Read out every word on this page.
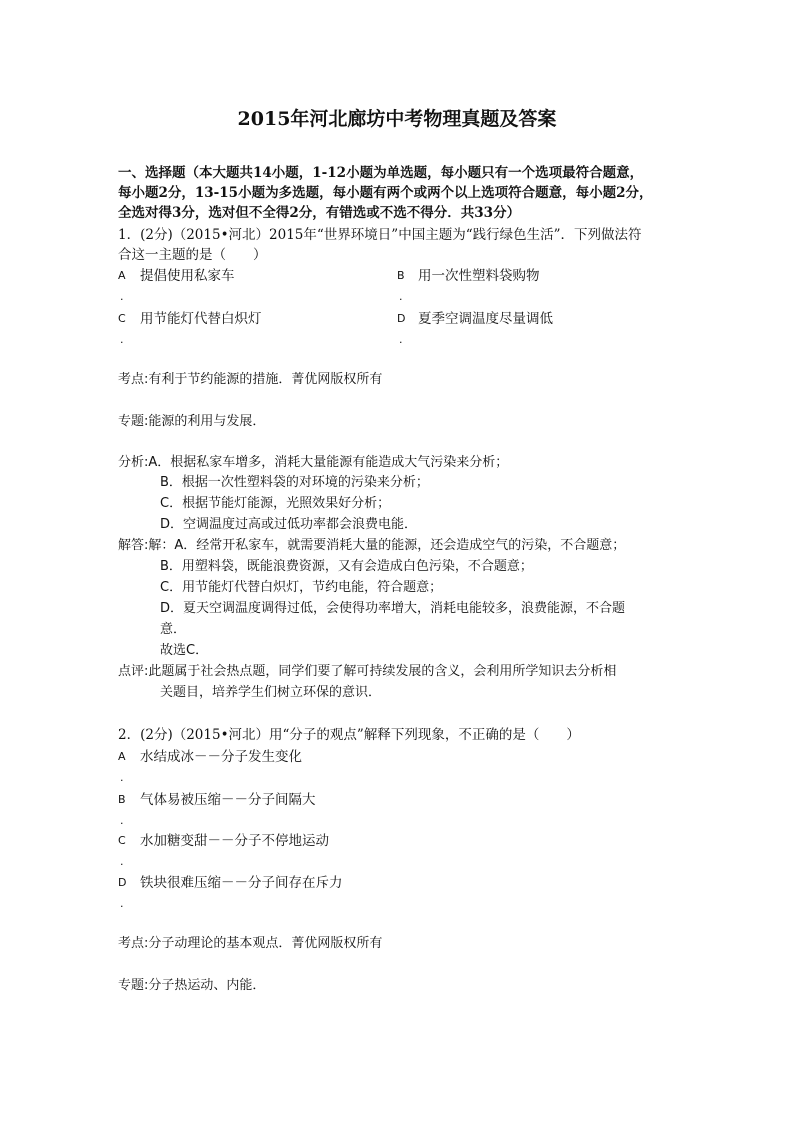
2015年河北廊坊中考物理真题及答案
一、选择题（本大题共14小题，1-12小题为单选题，每小题只有一个选项最符合题意，
每小题2分，13-15小题为多选题，每小题有两个或两个以上选项符合题意，每小题2分，
全选对得3分，选对但不全得2分，有错选或不选不得分．共33分）
1．(2分)（2015•河北）2015年“世界环境日”中国主题为“践行绿色生活”．下列做法符
合这一主题的是（　　）
A
.
提倡使用私家车	B
.
用一次性塑料袋购物
C
.
用节能灯代替白炽灯	D
.
夏季空调温度尽量调低
考点:有利于节约能源的措施．菁优网版权所有
专题:能源的利用与发展．
分析:A．根据私家车增多，消耗大量能源有能造成大气污染来分析；
B．根据一次性塑料袋的对环境的污染来分析；
C．根据节能灯能源，光照效果好分析；
D．空调温度过高或过低功率都会浪费电能．
解答:解：A．经常开私家车，就需要消耗大量的能源，还会造成空气的污染，不合题意；
B．用塑料袋，既能浪费资源，又有会造成白色污染，不合题意；
C．用节能灯代替白炽灯，节约电能，符合题意；
D．夏天空调温度调得过低，会使得功率增大，消耗电能较多，浪费能源，不合题
意．
故选C．
点评:此题属于社会热点题，同学们要了解可持续发展的含义，会利用所学知识去分析相
关题目，培养学生们树立环保的意识．
2．(2分)（2015•河北）用“分子的观点”解释下列现象，不正确的是（　　）
A
.
水结成冰－－分子发生变化
B
.
气体易被压缩－－分子间隔大
C
.
水加糖变甜－－分子不停地运动
D
.
铁块很难压缩－－分子间存在斥力
考点:分子动理论的基本观点．菁优网版权所有
专题:分子热运动、内能．
